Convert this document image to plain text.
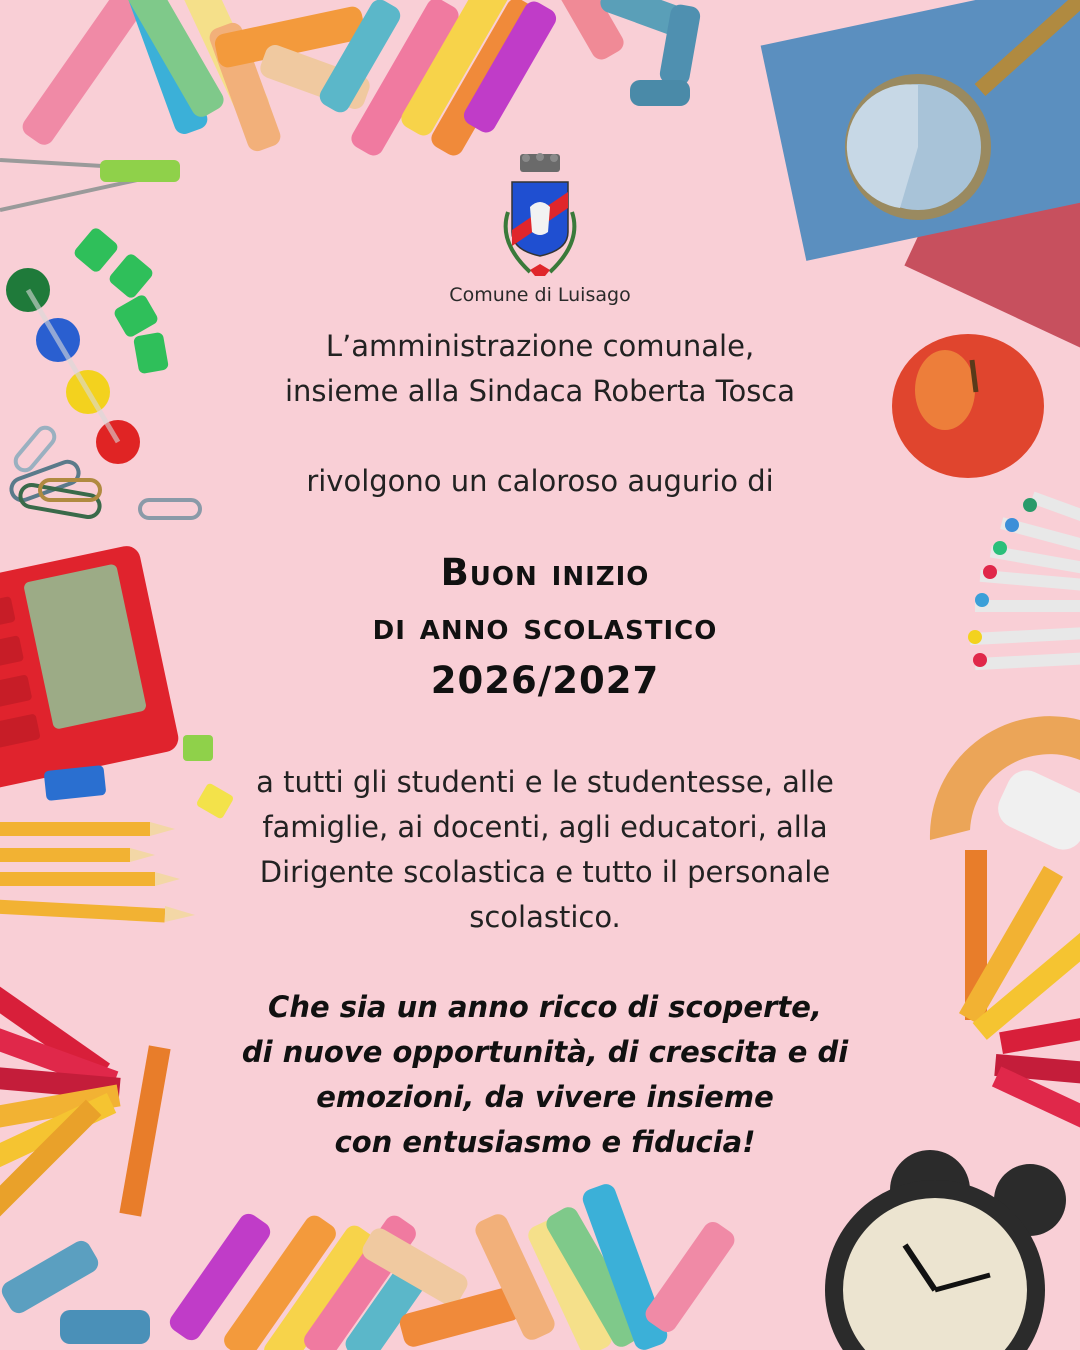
Comune di Luisago

L’amministrazione comunale,

insieme alla Sindaca Roberta Tosca

rivolgono un caloroso augurio di
Buon inizio
di anno scolastico
2026/2027
a tutti gli studenti e le studentesse, alle
famiglie, ai docenti, agli educatori, alla
Dirigente scolastica e tutto il personale
scolastico.
Che sia un anno ricco di scoperte,
di nuove opportunità, di crescita e di
emozioni, da vivere insieme
con entusiasmo e fiducia!
